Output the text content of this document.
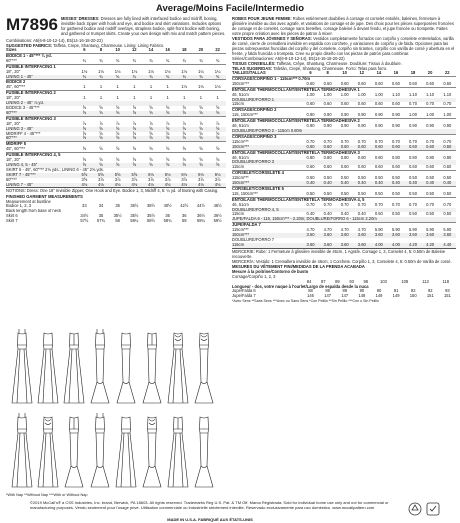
Average/Moins Facile/Intermedio
M7896 MISSES' DRESSES: Dresses are fully lined with interfaced bodice and midriff, boning, invisible back zipper with hook and eye, and bodice and skirt variations. Includes options for gathered bodice and midriff overlays, strapless bodice, split-front bodice with boning, and gathered or trumpet skirts. Create your own design with mix and match pattern pieces.
Combinations: A5(6-8-10-12-14), E5(14-16-18-20-22)
SUGGESTED FABRICS: Taffeta, Crepe, Shantung, Charmeuse. Lining: Lining Fabrics.
Sizes	6	8	10	12	14	16	18	20	22
BODICE 1 - 45"*** ¾ yd.									
60"***	¾	¾	¾	¾	¾	¾	¾	¾	¾
FUSIBLE INTERFACING 1									
18", 20"	1⅛	1⅛	1⅛	1⅛	1⅛	1⅛	1⅛	1¼	1¼
LINING 1 - 45"	¾	¾	¾	¾	¾	¾	¾	¾	¾
BODICE 2									
45", 60"***	1	1	1	1	1	1	1⅛	1⅛	1⅛
FUSIBLE INTERFACING 2									
18", 20"	1	1	1	1	1	1	1	1	1
LINING 2 - 45" ⅞ yd.									
BODICE 3 - 45"***	⅝	⅝	⅝	⅝	⅝	⅝	⅝	⅝	⅝
60"***	⅝	⅝	⅝	⅝	⅝	⅝	⅝	⅝	⅝
FUSIBLE INTERFACING 3									
18", 20"	⅞	⅞	⅞	⅞	⅞	⅞	⅞	⅞	⅞
LINING 3 - 45"	⅝	⅝	⅝	⅝	⅝	⅝	⅝	⅝	⅝
MIDRIFF 4 - 45"***	⅝	⅝	⅝	⅝	⅝	⅝	⅝	⅝	⅝
60"***	⅝	⅝	⅝	⅝	⅝	⅝	⅝	⅝	⅝
MIDRIFF 5									
45", 60"***	⅝	⅝	⅝	⅝	⅝	⅝	⅝	⅝	⅝
FUSIBLE INTERFACING 4, 5									
18", 20"	⅝	⅝	⅝	⅝	⅝	⅝	⅝	⅝	⅝
LINING 4, 5 - 45"	⅝	⅝	⅝	⅝	⅝	⅝	⅝	⅝	⅝
SKIRT 6 - 45", 60"*** 2⅝ yds.; LINING 6 - 45" 2⅝ yds.									
SKIRT 7 - 45"***	5⅝	5⅝	5⅝	5⅝	6⅛	6⅛	6⅛	6⅛	6⅛
60"***	3⅝	3⅞	3⅞	3⅞	3⅞	3⅞	3⅞	3⅞	3⅞
LINING 7 - 45"	4⅛	4⅛	4⅛	4⅛	4⅛	4⅛	4⅛	4⅛	4⅛
NOTIONS: Dress: One 18" Invisible Zipper, One Hook and Eye. Bodice 1, 3, Midriff 4, 5: ¼ yd. of Boning with Casing.
FINISHED GARMENT MEASUREMENTS
Measurement at bustline
Bodice 1, 2, 3	33	34	35	36½	38½	40½	42½	44½	46½
Back length from base of neck									
Skirt 6	34½	35	35½	35½	35½	36	36	36½	36½
Skirt 7	57½	57¾	58	58¼	58½	58¾	59	59¼	59½
*With Nap **Without Nap ***With or Without Nap
ROBES POUR JEUNE FEMME: Robes entièrement doublées à corsage et corselet entoilés, baleines, fermeture à glissière invisible au dos avec agrafe, et variations de corsage et de jupe. Des choix pour les pièces superposées froncées de corsage et de corselet, corsage sans bretelles, corsage baleiné à devant fendu, et jupe froncée ou trompette. Faites votre propre création avec les pièces de patron à mixer.
VESTIDOS PARA JÓVENES Y SEÑORAS: Vestidos completamente forrados con corpiño y corselete entretelados, varilla de corsé, cierre de cremallera invisible en espalda con corchete, y variaciones de corpiño y de falda. Opciones para las piezas sobrepuestas fruncidas del corpiño y del corselete, corpiño sin tirantes, corpiño con varilla de corsé y abertura en el frente, y falda fruncida o trompeta. Cree su propio diseño con las piezas de patrón para combinar.
Séries/Combinaciones: A5(6-8-10-12-14), E5(14-16-18-20-22)
TISSUS CONSEILLÉS: Taffetas, Crêpe, Shantung, Charmeuse. Doublure: Tissus à doublure.
TELAS SUGERIDAS: Tafetán, Crepé, Shantung, Charmeuse. Forro: Telas para forro.
TAILLES/TALLAS	6	8	10	12	14	16	18	20	22
CORSAGE/CORPIÑO 1 - 115cm*** 0.70m									
150cm***	0.60	0.60	0.60	0.60	0.60	0.60	0.60	0.60	0.60
ENTOILAGE THERMOCOLLANT/ENTRETELA TERMOADHESIVA 1									
46, 51cm	1.00	1.00	1.00	1.00	1.00	1.10	1.10	1.10	1.10
DOUBLURE/FORRO 1									
115cm	0.60	0.60	0.60	0.60	0.60	0.60	0.70	0.70	0.70
CORSAGE/CORPIÑO 2									
115, 150cm***	0.90	0.90	0.90	0.90	0.90	0.90	1.00	1.00	1.00
ENTOILAGE THERMOCOLLANT/ENTRETELA TERMOADHESIVA 2									
46, 51cm	0.90	0.90	0.90	0.90	0.90	0.90	0.90	0.90	0.90
DOUBLURE/FORRO 2 - 115cm 0.80m									
CORSAGE/CORPIÑO 3									
115cm***	0.70	0.70	0.70	0.70	0.70	0.70	0.70	0.70	0.70
150cm***	0.60	0.60	0.60	0.60	0.60	0.60	0.60	0.60	0.60
ENTOILAGE THERMOCOLLANT/ENTRETELA TERMOADHESIVA 3									
46, 51cm	0.80	0.80	0.80	0.80	0.80	0.80	0.80	0.80	0.80
DOUBLURE/FORRO 3									
115cm	0.60	0.60	0.60	0.60	0.60	0.60	0.60	0.60	0.60
CORSELET/CORSELETE 4									
115cm***	0.50	0.50	0.50	0.50	0.50	0.50	0.50	0.50	0.50
150cm***	0.40	0.40	0.40	0.40	0.40	0.40	0.40	0.40	0.40
CORSELET/CORSELETE 5									
115, 150cm***	0.50	0.50	0.50	0.50	0.50	0.50	0.50	0.50	0.50
ENTOILAGE THERMOCOLLANT/ENTRETELA TERMOADHESIVA 4, 5									
46, 51cm	0.70	0.70	0.70	0.70	0.70	0.70	0.70	0.70	0.70
DOUBLURE/FORRO 4, 5									
115cm	0.40	0.40	0.40	0.40	0.50	0.50	0.50	0.50	0.50
JUPE/FALDA 6 - 115, 150cm*** - 2.20m; DOUBLURE/FORRO 6 - 115cm 2.20m									
JUPE/FALDA 7									
115cm***	4.70	4.70	4.70	4.70	5.90	5.90	5.90	5.90	5.90
150cm***	3.60	3.60	3.60	3.60	3.60	3.60	3.60	3.60	3.60
DOUBLURE/FORRO 7									
115cm	3.60	3.60	3.60	3.60	4.00	4.00	4.20	4.20	4.40
MERCERIE: Robe: 1 Fermeture à glissière invisible de 46cm, 1 Agrafe. Corsage 1, 3, Corselet 4, 5: 0.50m de Baleine recouverte.
MERCERÍA: Vestido: 1 Cremallera invisible de 46cm, 1 Corchete. Corpiño 1, 3, Corselete 4, 5: 0.50m de Varilla de corsé.
MESURES DU VÊTEMENT FINI/MEDIDAS DE LA PRENDA ACABADA
Mesure à la poitrine/Contorno de busto
Corsage/Corpiño 1, 2, 3
	84	87	89	93	98	103	108	113	118
Longueur - dos, votre nuque à l'ourlet/Largo de espalda desde la nuca
Jupe/Falda 6	88	88	89	90	90	91	92	92	93
Jupe/Falda 7	146	147	147	148	149	149	150	151	151
*Avec Sens **Sans Sens ***Avec ou Sans Sens *Con Pelillo **Sin Pelillo ***Con o Sin Pelillo
©2019 McCall's® a CSS Industries, Inc. brand, Berwick, PA 18603. All rights reserved. Trademarks Reg U.S. Pat. & TM Off. Marca Registrada. Sold for individual home use only and not for commercial or manufacturing purposes. Vendu seulement pour l'usage privé. Utilisation commerciale ou industrielle strictement interdite. Reservado exclusivamente para uso doméstico. www.mccallpattern.com
MADE IN U.S.A. FABRIQUÉ AUX ÉTATS-UNIS
